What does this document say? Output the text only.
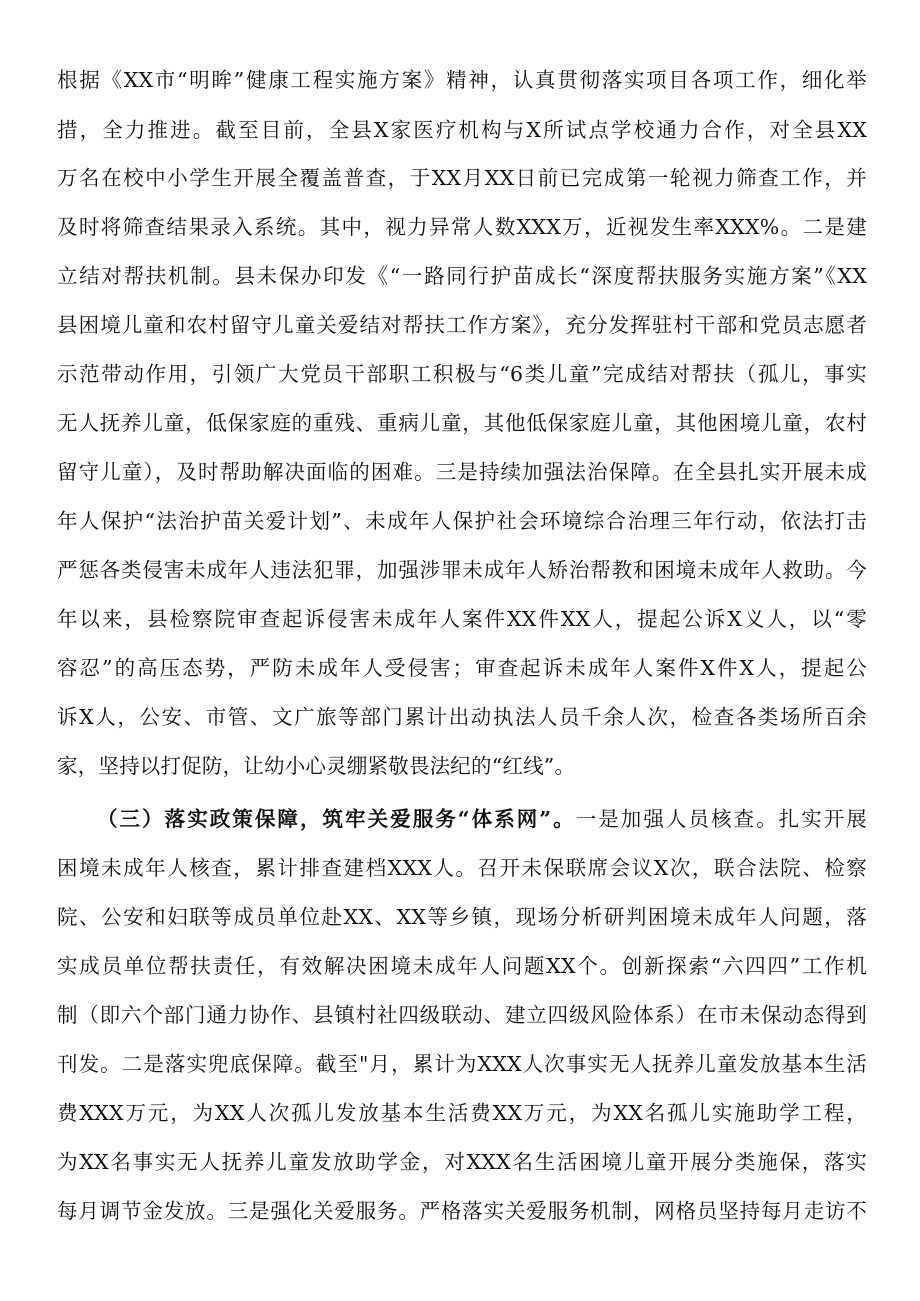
根据《XX市“明眸”健康工程实施方案》精神，认真贯彻落实项目各项工作，细化举
措，全力推进。截至目前，全县X家医疗机构与X所试点学校通力合作，对全县XX
万名在校中小学生开展全覆盖普查，于XX月XX日前已完成第一轮视力筛查工作，并
及时将筛查结果录入系统。其中，视力异常人数XXX万，近视发生率XXX%。二是建
立结对帮扶机制。县未保办印发《“一路同行护苗成长“深度帮扶服务实施方案”《XX
县困境儿童和农村留守儿童关爱结对帮扶工作方案》，充分发挥驻村干部和党员志愿者
示范带动作用，引领广大党员干部职工积极与“6类儿童”完成结对帮扶（孤儿，事实
无人抚养儿童，低保家庭的重残、重病儿童，其他低保家庭儿童，其他困境儿童，农村
留守儿童），及时帮助解决面临的困难。三是持续加强法治保障。在全县扎实开展未成
年人保护“法治护苗关爱计划”、未成年人保护社会环境综合治理三年行动，依法打击
严惩各类侵害未成年人违法犯罪，加强涉罪未成年人矫治帮教和困境未成年人救助。今
年以来，县检察院审查起诉侵害未成年人案件XX件XX人，提起公诉X义人，以“零
容忍”的高压态势，严防未成年人受侵害；审查起诉未成年人案件X件X人，提起公
诉X人，公安、市管、文广旅等部门累计出动执法人员千余人次，检查各类场所百余
家，坚持以打促防，让幼小心灵绷紧敬畏法纪的“红线”。
（三）落实政策保障，筑牢关爱服务“体系网”。一是加强人员核查。扎实开展
困境未成年人核查，累计排查建档XXX人。召开未保联席会议X次，联合法院、检察
院、公安和妇联等成员单位赴XX、XX等乡镇，现场分析研判困境未成年人问题，落
实成员单位帮扶责任，有效解决困境未成年人问题XX个。创新探索“六四四”工作机
制（即六个部门通力协作、县镇村社四级联动、建立四级风险体系）在市未保动态得到
刊发。二是落实兜底保障。截至"月，累计为XXX人次事实无人抚养儿童发放基本生活
费XXX万元，为XX人次孤儿发放基本生活费XX万元，为XX名孤儿实施助学工程，
为XX名事实无人抚养儿童发放助学金，对XXX名生活困境儿童开展分类施保，落实
每月调节金发放。三是强化关爱服务。严格落实关爱服务机制，网格员坚持每月走访不
